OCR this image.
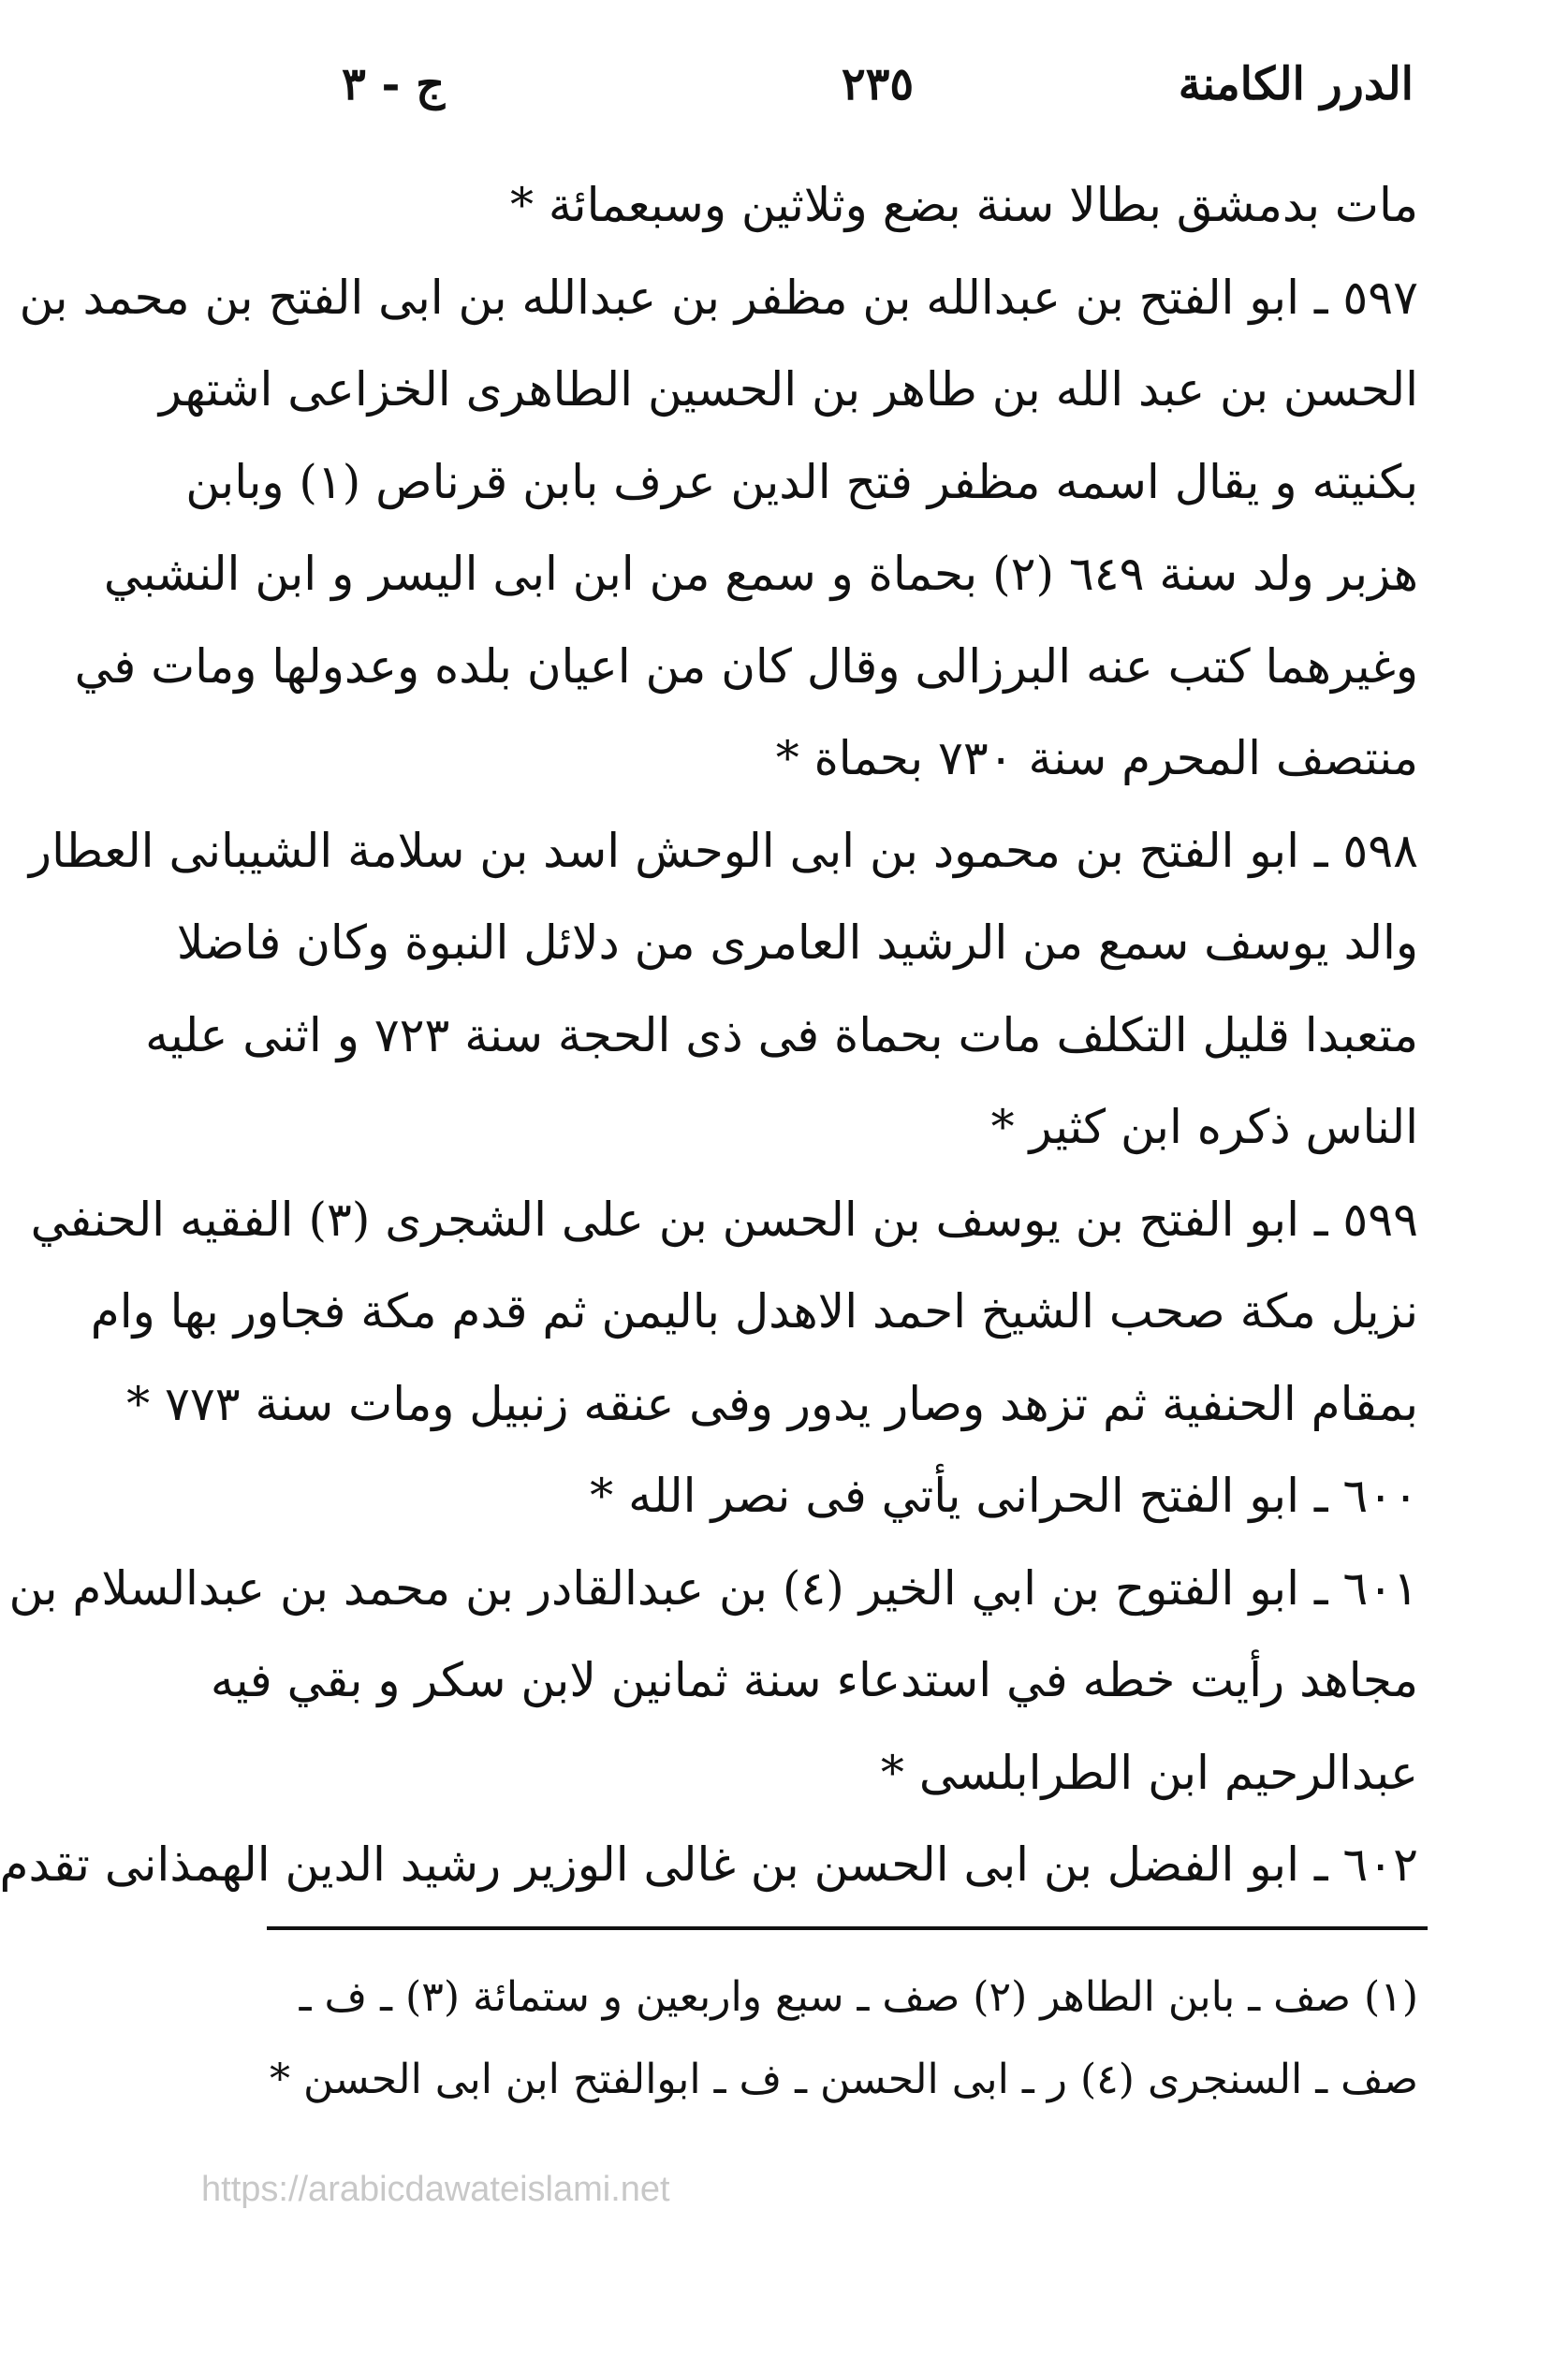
الدرر الكامنة
٢٣٥
ج - ٣
مات بدمشق بطالا سنة بضع وثلاثين وسبعمائة *
٥٩٧ ـ ابو الفتح بن عبدالله بن مظفر بن عبدالله بن ابى الفتح بن محمد بن
الحسن بن عبد الله بن طاهر بن الحسين الطاهرى الخزاعى اشتهر
بكنيته و يقال اسمه مظفر فتح الدين عرف بابن قرناص (١) وبابن
هزبر ولد سنة ٦٤٩ (٢) بحماة و سمع من ابن ابى اليسر و ابن النشبي
وغيرهما كتب عنه البرزالى وقال كان من اعيان بلده وعدولها ومات في
منتصف المحرم سنة ٧٣٠ بحماة *
٥٩٨ ـ ابو الفتح بن محمود بن ابى الوحش اسد بن سلامة الشيبانى العطار
والد يوسف سمع من الرشيد العامرى من دلائل النبوة وكان فاضلا
متعبدا قليل التكلف مات بحماة فى ذى الحجة سنة ٧٢٣ و اثنى عليه
الناس ذكره ابن كثير *
٥٩٩ ـ ابو الفتح بن يوسف بن الحسن بن على الشجرى (٣) الفقيه الحنفي
نزيل مكة صحب الشيخ احمد الاهدل باليمن ثم قدم مكة فجاور بها وام
بمقام الحنفية ثم تزهد وصار يدور وفى عنقه زنبيل ومات سنة ٧٧٣ *
٦٠٠ ـ ابو الفتح الحرانى يأتي فى نصر الله *
٦٠١ ـ ابو الفتوح بن ابي الخير (٤) بن عبدالقادر بن محمد بن عبدالسلام بن
مجاهد رأيت خطه في استدعاء سنة ثمانين لابن سكر و بقي فيه
عبدالرحيم ابن الطرابلسى *
٦٠٢ ـ ابو الفضل بن ابى الحسن بن غالى الوزير رشيد الدين الهمذانى تقدم
(١) صف ـ بابن الطاهر (٢) صف ـ سبع واربعين و ستمائة (٣) ـ ف ـ
صف ـ السنجرى (٤) ر ـ ابى الحسن ـ ف ـ ابوالفتح ابن ابى الحسن *
https://arabicdawateislami.net
